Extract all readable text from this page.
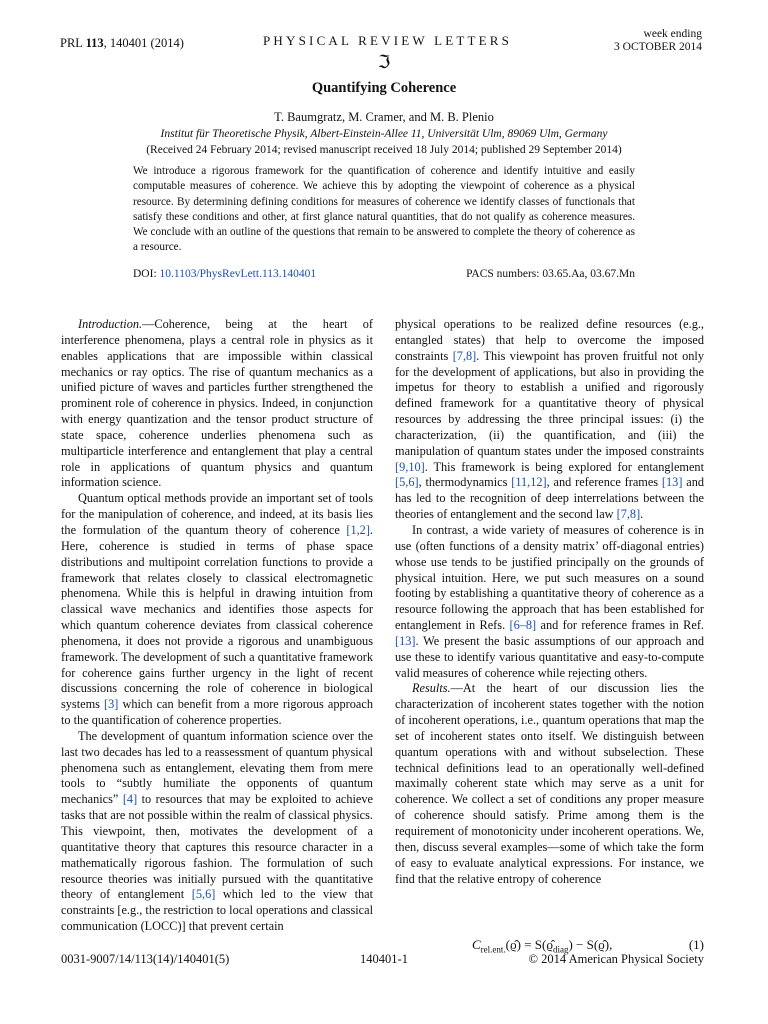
PRL 113, 140401 (2014)	PHYSICAL REVIEW LETTERS	week ending
3 OCTOBER 2014
ℑ
Quantifying Coherence
T. Baumgratz, M. Cramer, and M. B. Plenio
Institut für Theoretische Physik, Albert-Einstein-Allee 11, Universität Ulm, 89069 Ulm, Germany
(Received 24 February 2014; revised manuscript received 18 July 2014; published 29 September 2014)
We introduce a rigorous framework for the quantification of coherence and identify intuitive and easily computable measures of coherence. We achieve this by adopting the viewpoint of coherence as a physical resource. By determining defining conditions for measures of coherence we identify classes of functionals that satisfy these conditions and other, at first glance natural quantities, that do not qualify as coherence measures. We conclude with an outline of the questions that remain to be answered to complete the theory of coherence as a resource.
DOI: 10.1103/PhysRevLett.113.140401	PACS numbers: 03.65.Aa, 03.67.Mn

Introduction.—Coherence, being at the heart of interference phenomena, plays a central role in physics as it enables applications that are impossible within classical mechanics or ray optics. The rise of quantum mechanics as a unified picture of waves and particles further strengthened the prominent role of coherence in physics. Indeed, in conjunction with energy quantization and the tensor product structure of state space, coherence underlies phenomena such as multiparticle interference and entanglement that play a central role in applications of quantum physics and quantum information science.

Quantum optical methods provide an important set of tools for the manipulation of coherence, and indeed, at its basis lies the formulation of the quantum theory of coherence [1,2]. Here, coherence is studied in terms of phase space distributions and multipoint correlation functions to provide a framework that relates closely to classical electromagnetic phenomena. While this is helpful in drawing intuition from classical wave mechanics and identifies those aspects for which quantum coherence deviates from classical coherence phenomena, it does not provide a rigorous and unambiguous framework. The development of such a quantitative framework for coherence gains further urgency in the light of recent discussions concerning the role of coherence in biological systems [3] which can benefit from a more rigorous approach to the quantification of coherence properties.

The development of quantum information science over the last two decades has led to a reassessment of quantum physical phenomena such as entanglement, elevating them from mere tools to “subtly humiliate the opponents of quantum mechanics” [4] to resources that may be exploited to achieve tasks that are not possible within the realm of classical physics. This viewpoint, then, motivates the development of a quantitative theory that captures this resource character in a mathematically rigorous fashion. The formulation of such resource theories was initially pursued with the quantitative theory of entanglement [5,6] which led to the view that constraints [e.g., the restriction to local operations and classical communication (LOCC)] that prevent certain

physical operations to be realized define resources (e.g., entangled states) that help to overcome the imposed constraints [7,8]. This viewpoint has proven fruitful not only for the development of applications, but also in providing the impetus for theory to establish a unified and rigorously defined framework for a quantitative theory of physical resources by addressing the three principal issues: (i) the characterization, (ii) the quantification, and (iii) the manipulation of quantum states under the imposed constraints [9,10]. This framework is being explored for entanglement [5,6], thermodynamics [11,12], and reference frames [13] and has led to the recognition of deep interrelations between the theories of entanglement and the second law [7,8].

In contrast, a wide variety of measures of coherence is in use (often functions of a density matrix’ off-diagonal entries) whose use tends to be justified principally on the grounds of physical intuition. Here, we put such measures on a sound footing by establishing a quantitative theory of coherence as a resource following the approach that has been established for entanglement in Refs. [6–8] and for reference frames in Ref. [13]. We present the basic assumptions of our approach and use these to identify various quantitative and easy-to-compute valid measures of coherence while rejecting others.

Results.—At the heart of our discussion lies the characterization of incoherent states together with the notion of incoherent operations, i.e., quantum operations that map the set of incoherent states onto itself. We distinguish between quantum operations with and without subselection. These technical definitions lead to an operationally well-defined maximally coherent state which may serve as a unit for coherence. We collect a set of conditions any proper measure of coherence should satisfy. Prime among them is the requirement of monotonicity under incoherent operations. We, then, discuss several examples—some of which take the form of easy to evaluate analytical expressions. For instance, we find that the relative entropy of coherence

$C_{rel.ent.}(ϱ̂)$ = $S(ϱ̂_{diag})$ − S(ϱ̂),	(1)
0031-9007/14/113(14)/140401(5)	140401-1	© 2014 American Physical Society
